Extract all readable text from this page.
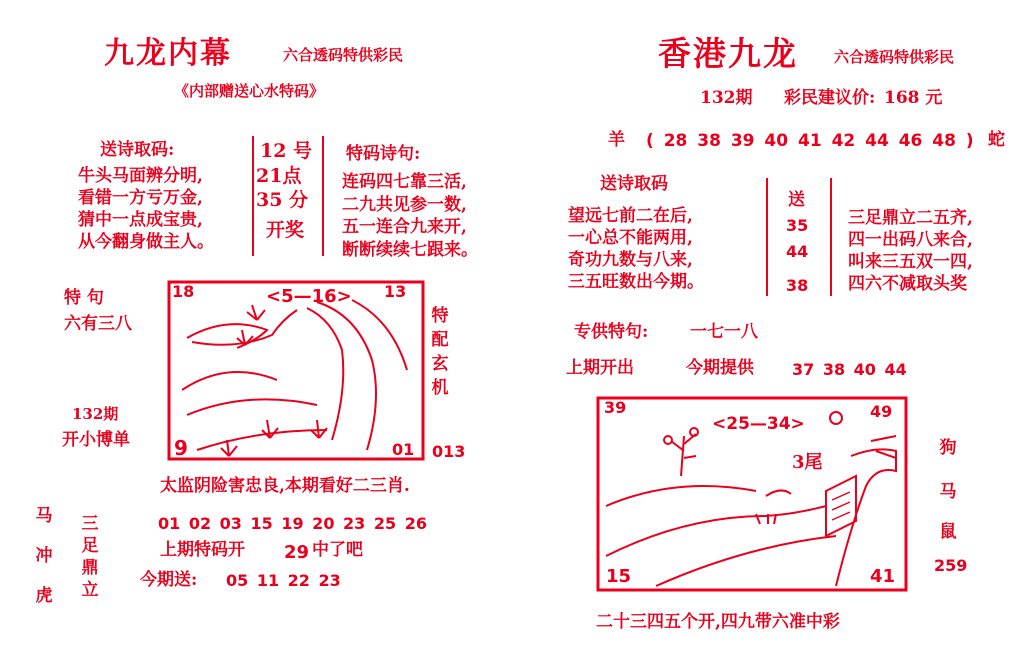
九龙内幕	六合透码特供彩民
《内部赠送心水特码》
送诗取码:
牛头马面辨分明,
看错一方亏万金,
猜中一点成宝贵,
从今翻身做主人。
12 号
21点
35 分
开奖
特码诗句:
连码四七靠三活,
二九共见参一数,
五一连合九来开,
断断续续七跟来。
特 句
六有三八
132期
开小博单
18	<5—16> 13
9	01
特
配
玄
机
013
太监阴险害忠良,本期看好二三肖.
马
冲
虎
三
足
鼎
立
01 02 03 15 19 20 23 25 26
上期特码开 29 中了吧
今期送: 05 11 22 23
香港九龙 六合透码特供彩民
132期 彩民建议价: 168 元
羊 ( 28 38 39 40 41 42 44 46 48 ) 蛇
送诗取码
望远七前二在后,
一心总不能两用,
奇功九数与八来,
三五旺数出今期。
送
35
44
38
三足鼎立二五齐,
四一出码八来合,
叫来三五双一四,
四六不减取头奖
专供特句: 一七一八
上期开出	今期提供 37 38 40 44
39
<25—34>
49
3尾
15	41
狗
马
鼠
259
二十三四五个开,四九带六准中彩
